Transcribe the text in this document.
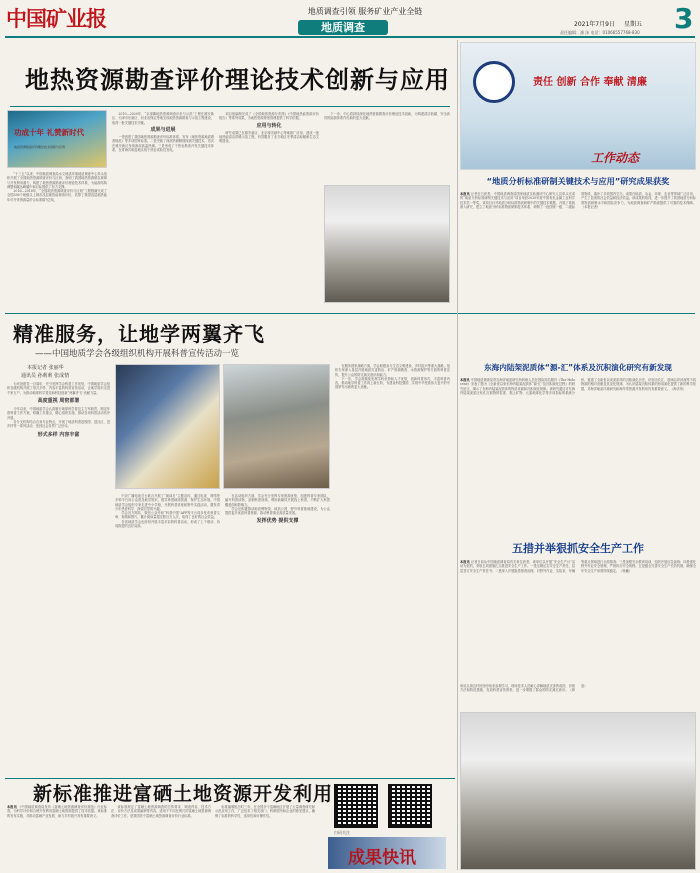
中国矿业报	地质调查引领 服务矿业产业全链
地质调查	2021年7月9日 星期五 3
责任编辑：潘 沫 电话：01066557768-830
地热资源勘查评价理论技术创新与应用
功成十年 礼赞新时代
地质资源勘查评价理论技术创新与应用

“十三五”以来，中国地质调查局水文地质环境地质调查中心牵头组织开展了全国地热资源调查评价与区划，查明了我国地热资源赋存规律与开发利用潜力，构建了地热资源勘查评价理论技术体系，为能源结构调整和碳达峰碳中和目标提供了有力支撑。

2016—2018年，“全国地热资源调查评价与区划”工程圆满完成了全国336个地级以上城市浅层地热能调查评价，估算了我国浅层地热能年可开采资源量折合标准煤7亿吨。

2019—2020年，“京津冀地热资源调查评价与示范”工程在雄安新区、天津市东丽区、河北省保定等地完成地热资源勘查与示范工程建设，取得一批关键技术突破。

成果与进展

一是创建了我国地热资源勘查评价标准体系，发布《地热资源地质勘查规范》等多项国家标准。二是突破了深部热储精细探测关键技术，首次在雄安新区发现深部高温热储。三是形成了干热岩勘查开发关键技术体系，在青海共和盆地实现干热岩试验性发电。

项目组编制完成了《全国地热资源分布图》《中国地热能资源评价报告》等系列成果，为地热资源规划管理提供了科学依据。

应用与转化

研究成果已在雄安新区、北京城市副中心等地推广应用，建成一批地热能清洁供暖示范工程，有效服务了北方地区冬季清洁取暖和生态文明建设。

下一步，中心将持续深化地热资源勘查评价理论技术创新，为构建清洁低碳、安全高效的能源体系作出新的更大贡献。

责任 创新 合作 奉献 清廉
工作动态
“地质分析标准研制关键技术与应用”研究成果获奖
本报讯 记者近日获悉，中国地质调查局国家地质实验测试中心研究人员牵头完成的“地质分析标准研制关键技术与应用”项目荣获2020年度中国有色金属工业科学技术奖一等奖。该项目针对地质分析标准物质研制中的关键技术难题，开展了系统深入研究，建立了地质分析标准物质研制技术体系，研制了一批国家一级、二级标准物质，填补了多项国内空白。成果在地质、冶金、环境、农业等领域广泛应用，产生了显著的社会效益和经济效益。该成果的取得，进一步提升了我国地质分析标准物质研制水平和国际竞争力，为地质调查和矿产勘查提供了可靠的技术保障。（本报记者）
精准服务，让地学两翼齐飞
——中国地质学会各级组织机构开展科普宣传活动一览
本报记者 张丽华
通讯员 孙莉莉 张成情

为庆祝建党一百周年，充分发挥学会科普工作优势，中国地质学会组织各级机构开展了形式多样、内容丰富的科普宣传活动，让地学知识走进千家万户，为推动地球科学普及和科技创新“两翼齐飞”贡献力量。

高度重视 周密部署

今年以来，中国地质学会认真履行地球科学普及主力军职责，制定年度科普工作方案，明确工作重点，精心组织实施，推动各项科普活动有序开展。

各分支机构结合自身专业特点，开展了地质科普进校园、进社区、进乡村等一系列活动，受到社会各界广泛好评。

形式多样 内容丰富

中央广播电视总台联合开展了“地球日”主题宣传，通过电视、网络等多种平台向公众普及地学知识，倡导珍惜地球资源、保护生态环境。中国地质学会组织专家走进中小学校，开展科普讲座和野外实践活动，激发青少年热爱科学、探索自然的兴趣。

学会官方网站、微信公众号和“科普中国”APP等平台同步发布科普文章、视频和图片，累计阅读量超过数百万人次，取得了良好的社会效益。

各省地质学会也纷纷开展丰富多彩的科普活动，形成了上下联动、协同推进的良好局面。

在活动组织方面，学会充分发挥专家资源优势，组建科普专家团队，编写科普读物，录制科普视频，利用新媒体开展线上科普，不断扩大科普覆盖面和影响力。

学会还积极推动地质博物馆、地质公园、野外科普基地建设，为公众提供更多优质科普资源，推动科普事业高质量发展。

发挥优势 提供支撑

在服务国家战略方面，学会积极参与生态文明建设、乡村振兴等重大战略，组织专家深入基层开展地质灾害防治、矿产资源勘查、水资源保护等方面的科普宣传，提升公众的防灾减灾意识和能力。

下一步，学会将继续发挥学科优势和人才优势，创新科普形式，丰富科普内容，推动地学科普工作再上新台阶，为建设科技强国、实现中华民族伟大复兴的中国梦作出新的更大贡献。

东海内陆架泥质体“源-汇”体系及沉积演化研究有新发现
本报讯 中国地质调查局青岛海洋地质研究所科研人员在国际知名期刊《The Holocene》发表了题为《全新世以来东海内陆架泥质体“源-汇”及沉积演化过程》的研究论文，揭示了东海内陆架泥质体的物质来源和沉积演化规律。该研究通过对东海内陆架泥质区钻孔沉积物的粒度、黏土矿物、元素地球化学等多项指标的系统分析，重建了全新世以来泥质体的沉积演化历史，识别出长江、浙闽沿岸河流等不同物源的相对贡献及其变化规律，为认识陆架沉积体系的形成演化提供了新的科学依据，对海洋地质环境研究和海岸带资源开发利用具有重要意义。（海洋所）
五措并举狠抓安全生产工作
本报讯 记者日前从中国地质调查局有关单位获悉，该单位以开展“安全生产月”活动为契机，采取五项措施扎实推进安全生产工作。一是压紧压实安全生产责任，层层签订安全生产责任书；二是深入开展隐患排查治理，对野外作业、实验室、车辆等重点领域进行全面排查；三是加强安全教育培训，组织开展应急演练；四是强化野外作业安全管理，严格执行安全规程；五是健全完善安全生产长效机制，确保全年安全生产形势持续稳定。（杨巍）
新标准推进富硒土地资源开发利用
本报讯 《中国地质调查局发布《富硒土地资源调查评价规范》行业标准，为科学评价和合理开发利用富硒土地资源提供了技术依据。该标准的发布实施，对推动富硒产业发展、助力乡村振兴具有重要意义。

该标准规定了富硒土地资源调查的总体要求、调查内容、技术方法、评价方法及成果编制等内容，适用于不同比例尺的富硒土地资源调查评价工作，是我国首个富硒土地资源调查评价行业标准。

标准编制组历时三年，在全国多个富硒地区开展了大量调查研究和示范应用工作，广泛征求了相关部门、科研院所和企业的意见建议，确保了标准的科学性、适用性和可操作性。

扫码关注
成果快讯
该站点周边村民纷纷前来参观学习，现场技术人员耐心讲解地质灾害的成因、识别方法和防范措施，发放科普宣传资料，进一步增强了群众的防灾减灾意识。（廖浪）
